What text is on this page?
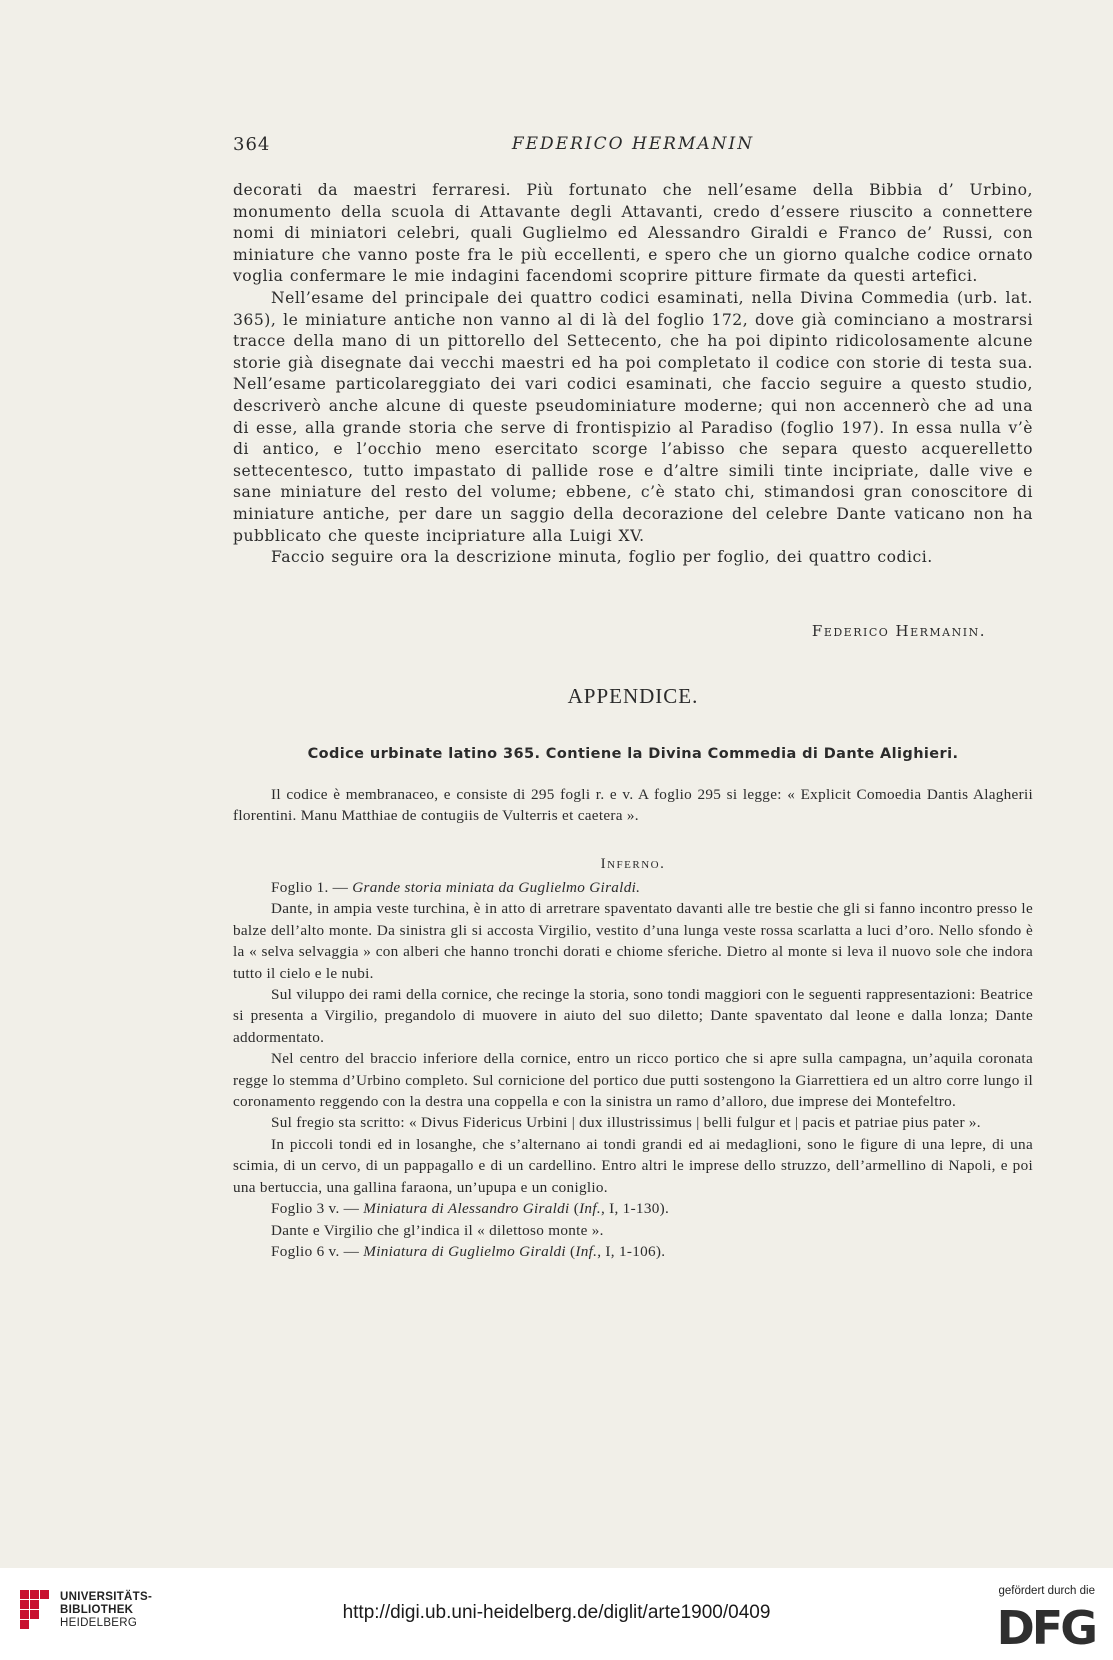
364	FEDERICO HERMANIN

decorati da maestri ferraresi. Più fortunato che nell’esame della Bibbia d’ Urbino, monumento della scuola di Attavante degli Attavanti, credo d’essere riuscito a connettere nomi di miniatori celebri, quali Guglielmo ed Alessandro Giraldi e Franco de’ Russi, con miniature che vanno poste fra le più eccellenti, e spero che un giorno qualche codice ornato voglia confermare le mie indagini facendomi scoprire pitture firmate da questi artefici.

Nell’esame del principale dei quattro codici esaminati, nella Divina Commedia (urb. lat. 365), le miniature antiche non vanno al di là del foglio 172, dove già cominciano a mostrarsi tracce della mano di un pittorello del Settecento, che ha poi dipinto ridicolosamente alcune storie già disegnate dai vecchi maestri ed ha poi completato il codice con storie di testa sua. Nell’esame particolareggiato dei vari codici esaminati, che faccio seguire a questo studio, descriverò anche alcune di queste pseudominiature moderne; qui non accennerò che ad una di esse, alla grande storia che serve di frontispizio al Paradiso (foglio 197). In essa nulla v’è di antico, e l’occhio meno esercitato scorge l’abisso che separa questo acquerelletto settecentesco, tutto impastato di pallide rose e d’altre simili tinte incipriate, dalle vive e sane miniature del resto del volume; ebbene, c’è stato chi, stimandosi gran conoscitore di miniature antiche, per dare un saggio della decorazione del celebre Dante vaticano non ha pubblicato che queste incipriature alla Luigi XV.

Faccio seguire ora la descrizione minuta, foglio per foglio, dei quattro codici.

Federico Hermanin.
APPENDICE.
Codice urbinate latino 365. Contiene la Divina Commedia di Dante Alighieri.

Il codice è membranaceo, e consiste di 295 fogli r. e v. A foglio 295 si legge: « Explicit Comoedia Dantis Alagherii florentini. Manu Matthiae de contugiis de Vulterris et caetera ».

Inferno.

Foglio 1. — Grande storia miniata da Guglielmo Giraldi.

Dante, in ampia veste turchina, è in atto di arretrare spaventato davanti alle tre bestie che gli si fanno incontro presso le balze dell’alto monte. Da sinistra gli si accosta Virgilio, vestito d’una lunga veste rossa scarlatta a luci d’oro. Nello sfondo è la « selva selvaggia » con alberi che hanno tronchi dorati e chiome sferiche. Dietro al monte si leva il nuovo sole che indora tutto il cielo e le nubi.

Sul viluppo dei rami della cornice, che recinge la storia, sono tondi maggiori con le seguenti rappresentazioni: Beatrice si presenta a Virgilio, pregandolo di muovere in aiuto del suo diletto; Dante spaventato dal leone e dalla lonza; Dante addormentato.

Nel centro del braccio inferiore della cornice, entro un ricco portico che si apre sulla campagna, un’aquila coronata regge lo stemma d’Urbino completo. Sul cornicione del portico due putti sostengono la Giarrettiera ed un altro corre lungo il coronamento reggendo con la destra una coppella e con la sinistra un ramo d’alloro, due imprese dei Montefeltro.

Sul fregio sta scritto: « Divus Fidericus Urbini | dux illustrissimus | belli fulgur et | pacis et patriae pius pater ».

In piccoli tondi ed in losanghe, che s’alternano ai tondi grandi ed ai medaglioni, sono le figure di una lepre, di una scimia, di un cervo, di un pappagallo e di un cardellino. Entro altri le imprese dello struzzo, dell’armellino di Napoli, e poi una bertuccia, una gallina faraona, un’upupa e un coniglio.

Foglio 3 v. — Miniatura di Alessandro Giraldi (Inf., I, 1-130).

Dante e Virgilio che gl’indica il « dilettoso monte ».

Foglio 6 v. — Miniatura di Guglielmo Giraldi (Inf., I, 1-106).

UNIVERSITÄTS-
BIBLIOTHEK
HEIDELBERG	http://digi.ub.uni-heidelberg.de/diglit/arte1900/0409
gefördert durch die
DFG
